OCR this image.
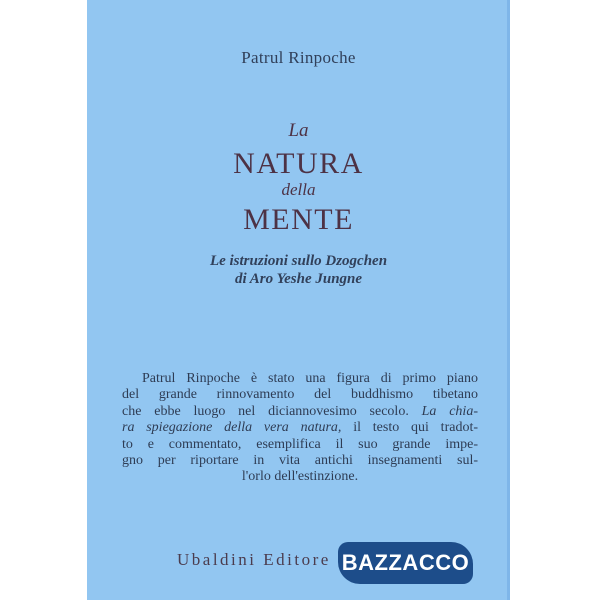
Patrul Rinpoche
La
NATURA
della
MENTE
Le istruzioni sullo Dzogchen
di Aro Yeshe Jungne
Patrul Rinpoche è stato una figura di primo piano
del grande rinnovamento del buddhismo tibetano
che ebbe luogo nel diciannovesimo secolo. La chia-
ra spiegazione della vera natura, il testo qui tradot-
to e commentato, esemplifica il suo grande impe-
gno per riportare in vita antichi insegnamenti sul-
l'orlo dell'estinzione.
Ubaldini Editore BAZZACCO
